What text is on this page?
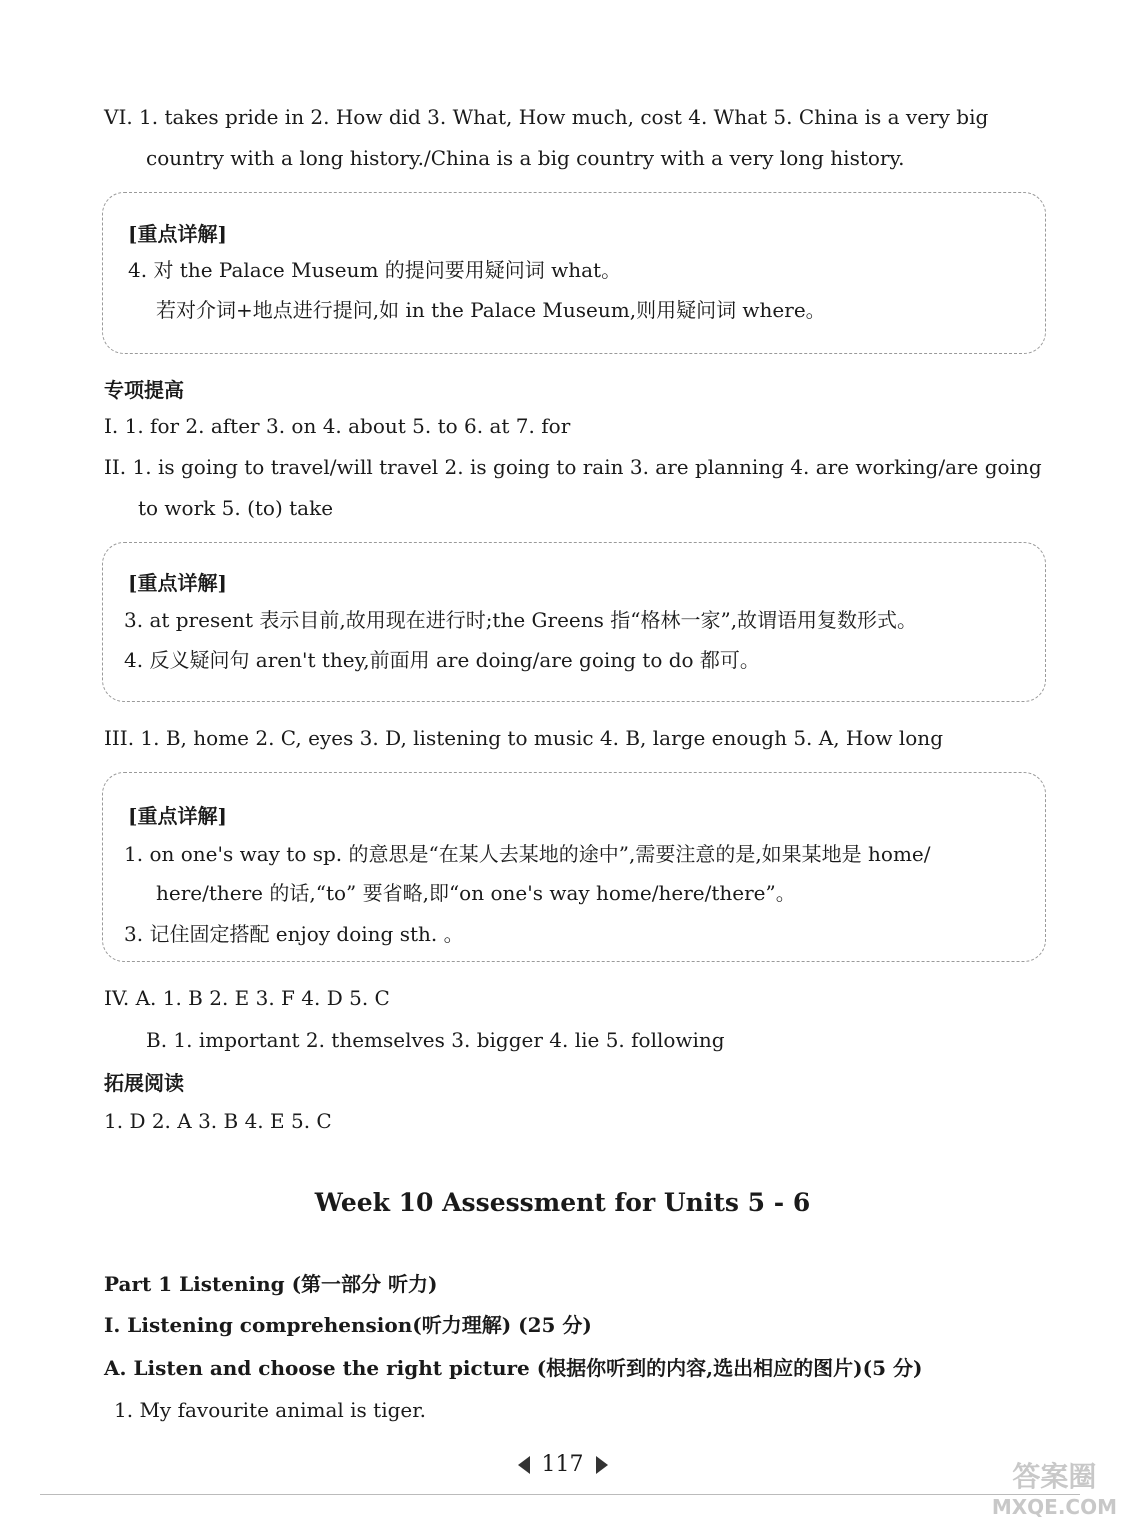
VI. 1. takes pride in 2. How did 3. What, How much, cost 4. What 5. China is a very big
country with a long history./China is a big country with a very long history.
[重点详解]
4. 对 the Palace Museum 的提问要用疑问词 what。
若对介词+地点进行提问,如 in the Palace Museum,则用疑问词 where。
专项提高
I. 1. for 2. after 3. on 4. about 5. to 6. at 7. for
II. 1. is going to travel/will travel 2. is going to rain 3. are planning 4. are working/are going
to work 5. (to) take
[重点详解]
3. at present 表示目前,故用现在进行时;the Greens 指“格林一家”,故谓语用复数形式。
4. 反义疑问句 aren't they,前面用 are doing/are going to do 都可。
III. 1. B, home 2. C, eyes 3. D, listening to music 4. B, large enough 5. A, How long
[重点详解]
1. on one's way to sp. 的意思是“在某人去某地的途中”,需要注意的是,如果某地是 home/
here/there 的话,“to” 要省略,即“on one's way home/here/there”。
3. 记住固定搭配 enjoy doing sth. 。
IV. A. 1. B 2. E 3. F 4. D 5. C
B. 1. important 2. themselves 3. bigger 4. lie 5. following
拓展阅读
1. D 2. A 3. B 4. E 5. C
Week 10 Assessment for Units 5 - 6
Part 1 Listening (第一部分 听力)
I. Listening comprehension(听力理解) (25 分)
A. Listen and choose the right picture (根据你听到的内容,选出相应的图片)(5 分)
1. My favourite animal is tiger.
117	答案圈
MXQE.COM
